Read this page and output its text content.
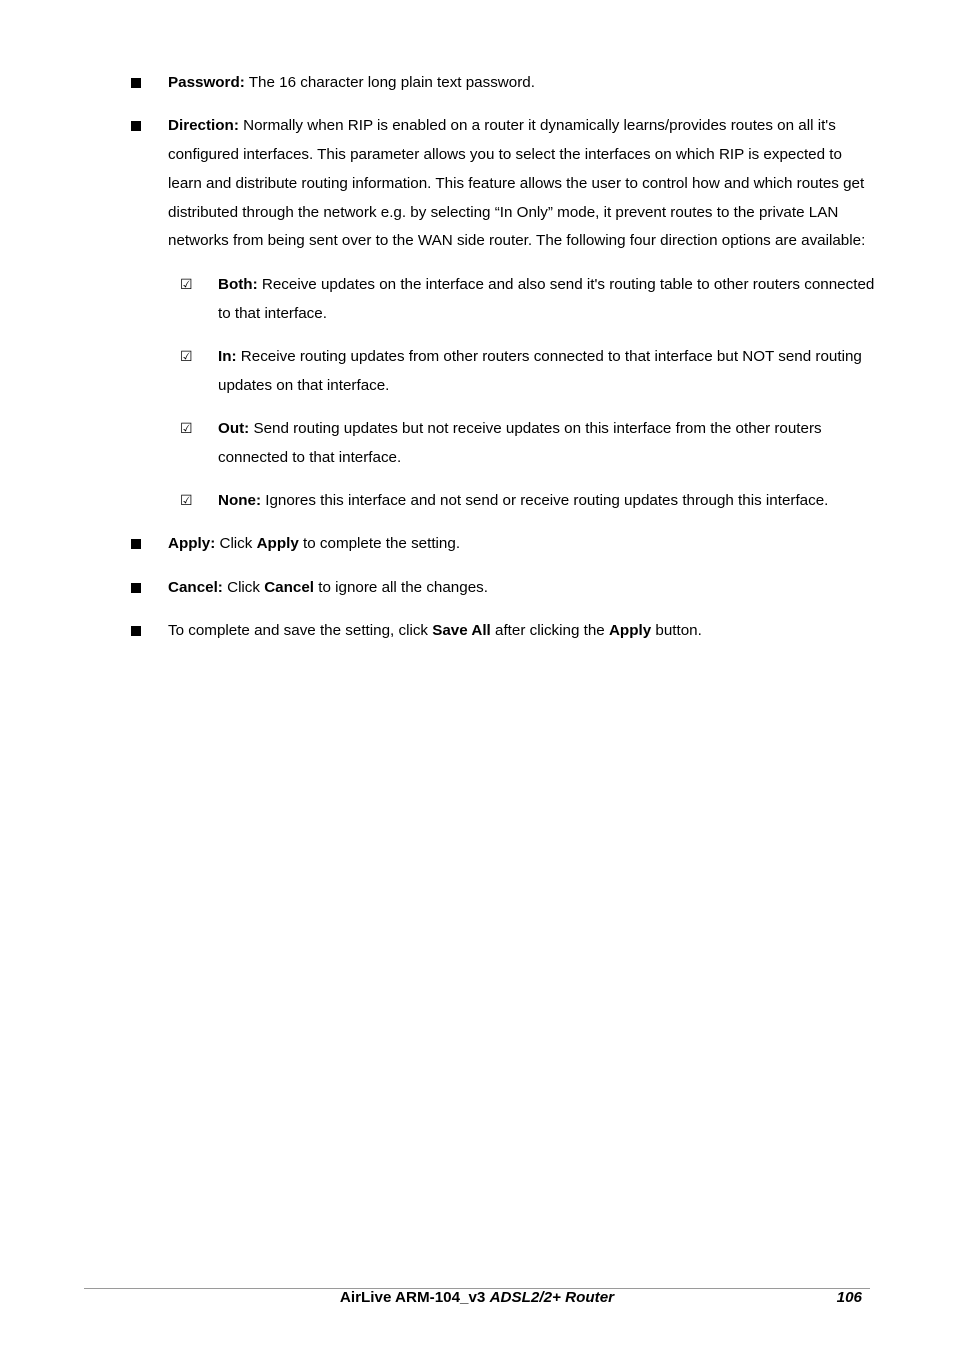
Password: The 16 character long plain text password.
Direction: Normally when RIP is enabled on a router it dynamically learns/provides routes on all it's configured interfaces. This parameter allows you to select the interfaces on which RIP is expected to learn and distribute routing information. This feature allows the user to control how and which routes get distributed through the network e.g. by selecting “In Only” mode, it prevent routes to the private LAN networks from being sent over to the WAN side router. The following four direction options are available:
☑ Both: Receive updates on the interface and also send it's routing table to other routers connected to that interface.
☑ In: Receive routing updates from other routers connected to that interface but NOT send routing updates on that interface.
☑ Out: Send routing updates but not receive updates on this interface from the other routers connected to that interface.
☑ None: Ignores this interface and not send or receive routing updates through this interface.
Apply: Click Apply to complete the setting.
Cancel: Click Cancel to ignore all the changes.
To complete and save the setting, click Save All after clicking the Apply button.
AirLive ARM-104_v3 ADSL2/2+ Router	106
